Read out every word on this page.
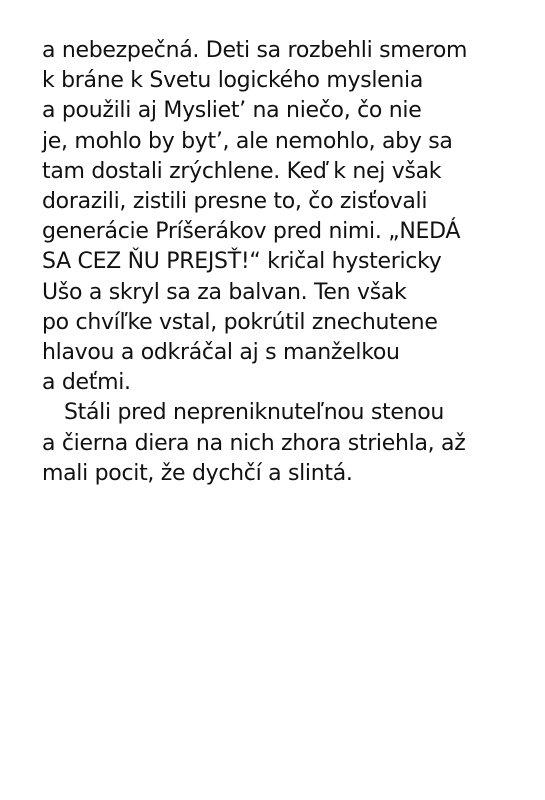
a nebezpečná. Deti sa rozbehli smerom
k bráne k Svetu logického myslenia
a použili aj Mysliet’ na niečo, čo nie
je, mohlo by byt’, ale nemohlo, aby sa
tam dostali zrýchlene. Keď k nej však
dorazili, zistili presne to, čo zisťovali
generácie Príšerákov pred nimi. „NEDÁ
SA CEZ ŇU PREJSŤ!“ kričal hystericky
Ušo a skryl sa za balvan. Ten však
po chvíľke vstal, pokrútil znechutene
hlavou a odkráčal aj s manželkou
a deťmi.
Stáli pred nepreniknuteľnou stenou
a čierna diera na nich zhora striehla, až
mali pocit, že dychčí a slintá.
